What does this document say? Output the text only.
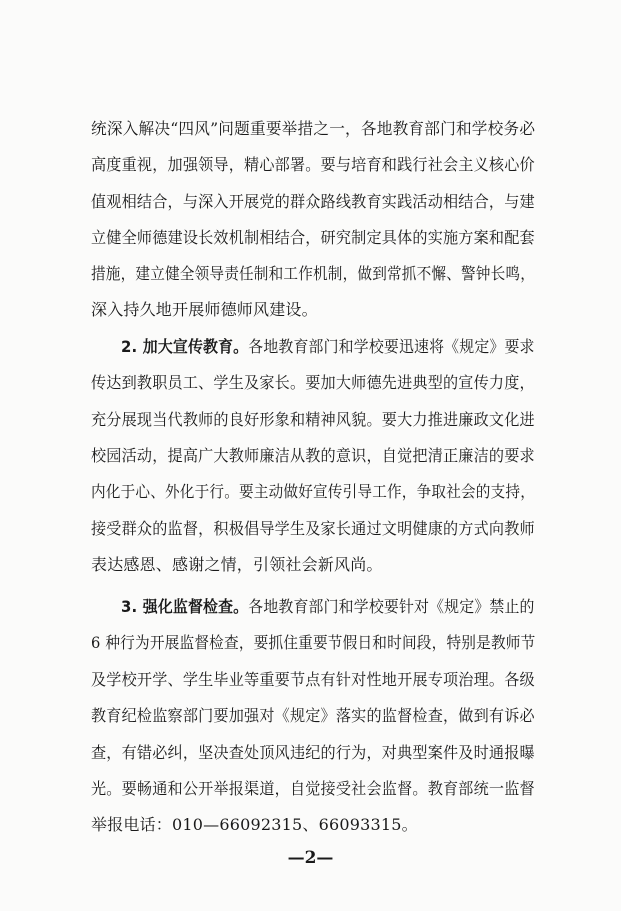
统深入解决“四风”问题重要举措之一，各地教育部门和学校务必
高度重视，加强领导，精心部署。要与培育和践行社会主义核心价
值观相结合，与深入开展党的群众路线教育实践活动相结合，与建
立健全师德建设长效机制相结合，研究制定具体的实施方案和配套
措施，建立健全领导责任制和工作机制，做到常抓不懈、警钟长鸣，
深入持久地开展师德师风建设。
2. 加大宣传教育。各地教育部门和学校要迅速将《规定》要求
传达到教职员工、学生及家长。要加大师德先进典型的宣传力度，
充分展现当代教师的良好形象和精神风貌。要大力推进廉政文化进
校园活动，提高广大教师廉洁从教的意识，自觉把清正廉洁的要求
内化于心、外化于行。要主动做好宣传引导工作，争取社会的支持，
接受群众的监督，积极倡导学生及家长通过文明健康的方式向教师
表达感恩、感谢之情，引领社会新风尚。
3. 强化监督检查。各地教育部门和学校要针对《规定》禁止的
6 种行为开展监督检查，要抓住重要节假日和时间段，特别是教师节
及学校开学、学生毕业等重要节点有针对性地开展专项治理。各级
教育纪检监察部门要加强对《规定》落实的监督检查，做到有诉必
查，有错必纠，坚决查处顶风违纪的行为，对典型案件及时通报曝
光。要畅通和公开举报渠道，自觉接受社会监督。教育部统一监督
举报电话：010—66092315、66093315。
—2—
